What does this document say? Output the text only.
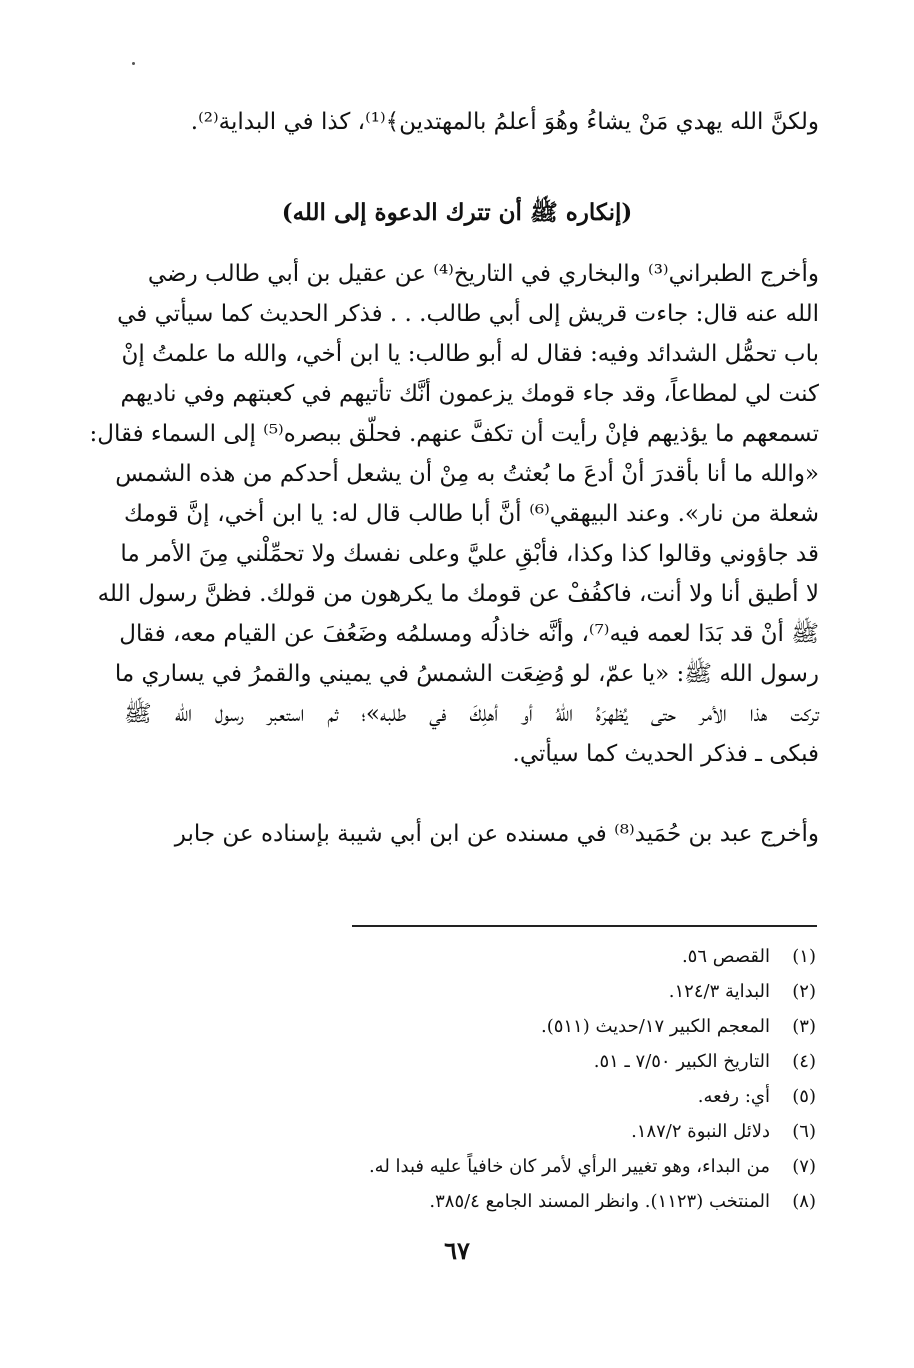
ولكنَّ الله يهدي مَنْ يشاءُ وهُوَ أعلمُ بالمهتدين﴾⁽¹⁾، كذا في البداية⁽²⁾.

(إنكاره ﷺ أن تترك الدعوة إلى الله)

وأخرج الطبراني⁽³⁾ والبخاري في التاريخ⁽⁴⁾ عن عقيل بن أبي طالب رضي

الله عنه قال: جاءت قريش إلى أبي طالب. . . فذكر الحديث كما سيأتي في

باب تحمُّل الشدائد وفيه: فقال له أبو طالب: يا ابن أخي، والله ما علمتُ إنْ

كنت لي لمطاعاً، وقد جاء قومك يزعمون أنَّك تأتيهم في كعبتهم وفي ناديهم

تسمعهم ما يؤذيهم فإنْ رأيت أن تكفَّ عنهم. فحلّق ببصره⁽⁵⁾ إلى السماء فقال:

«والله ما أنا بأقدرَ أنْ أدعَ ما بُعثتُ به مِنْ أن يشعل أحدكم من هذه الشمس

شعلة من نار». وعند البيهقي⁽⁶⁾ أنَّ أبا طالب قال له: يا ابن أخي، إنَّ قومك

قد جاؤوني وقالوا كذا وكذا، فأبْقِ عليَّ وعلى نفسك ولا تحمِّلْني مِنَ الأمر ما

لا أطيق أنا ولا أنت، فاكفُفْ عن قومك ما يكرهون من قولك. فظنَّ رسول الله

ﷺ أنْ قد بَدَا لعمه فيه⁽⁷⁾، وأنَّه خاذلُه ومسلمُه وضَعُفَ عن القيام معه، فقال

رسول الله ﷺ: «يا عمّ، لو وُضِعَت الشمسُ في يميني والقمرُ في يساري ما

تركت هذا الأمر حتى يُظهرَهُ اللهُ أو أهلِكَ في طلبه»؛ ثم استعبر رسول الله ﷺ

فبكى ـ فذكر الحديث كما سيأتي.

وأخرج عبد بن حُمَيد⁽⁸⁾ في مسنده عن ابن أبي شيبة بإسناده عن جابر

(١)القصص ٥٦.

(٢)البداية ١٢٤/٣.

(٣)المعجم الكبير ١٧/حديث (٥١١).

(٤)التاريخ الكبير ٧/٥٠ ـ ٥١.

(٥)أي: رفعه.

(٦)دلائل النبوة ١٨٧/٢.

(٧)من البداء، وهو تغيير الرأي لأمر كان خافياً عليه فبدا له.

(٨)المنتخب (١١٢٣). وانظر المسند الجامع ٣٨٥/٤.

٦٧
